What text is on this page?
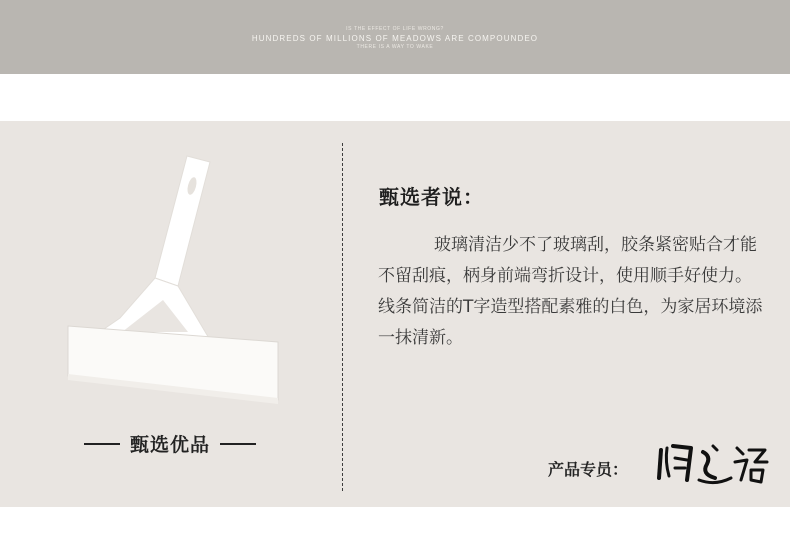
IS THE EFFECT OF LIFE WRONG?
HUNDREDS OF MILLIONS OF MEADOWS ARE COMPOUNDEO
THERE IS A WAY TO WAKE
甄选优品
甄选者说：

玻璃清洁少不了玻璃刮，胶条紧密贴合才能不留刮痕，柄身前端弯折设计，使用顺手好使力。线条简洁的T字造型搭配素雅的白色，为家居环境添一抹清新。

产品专员：
